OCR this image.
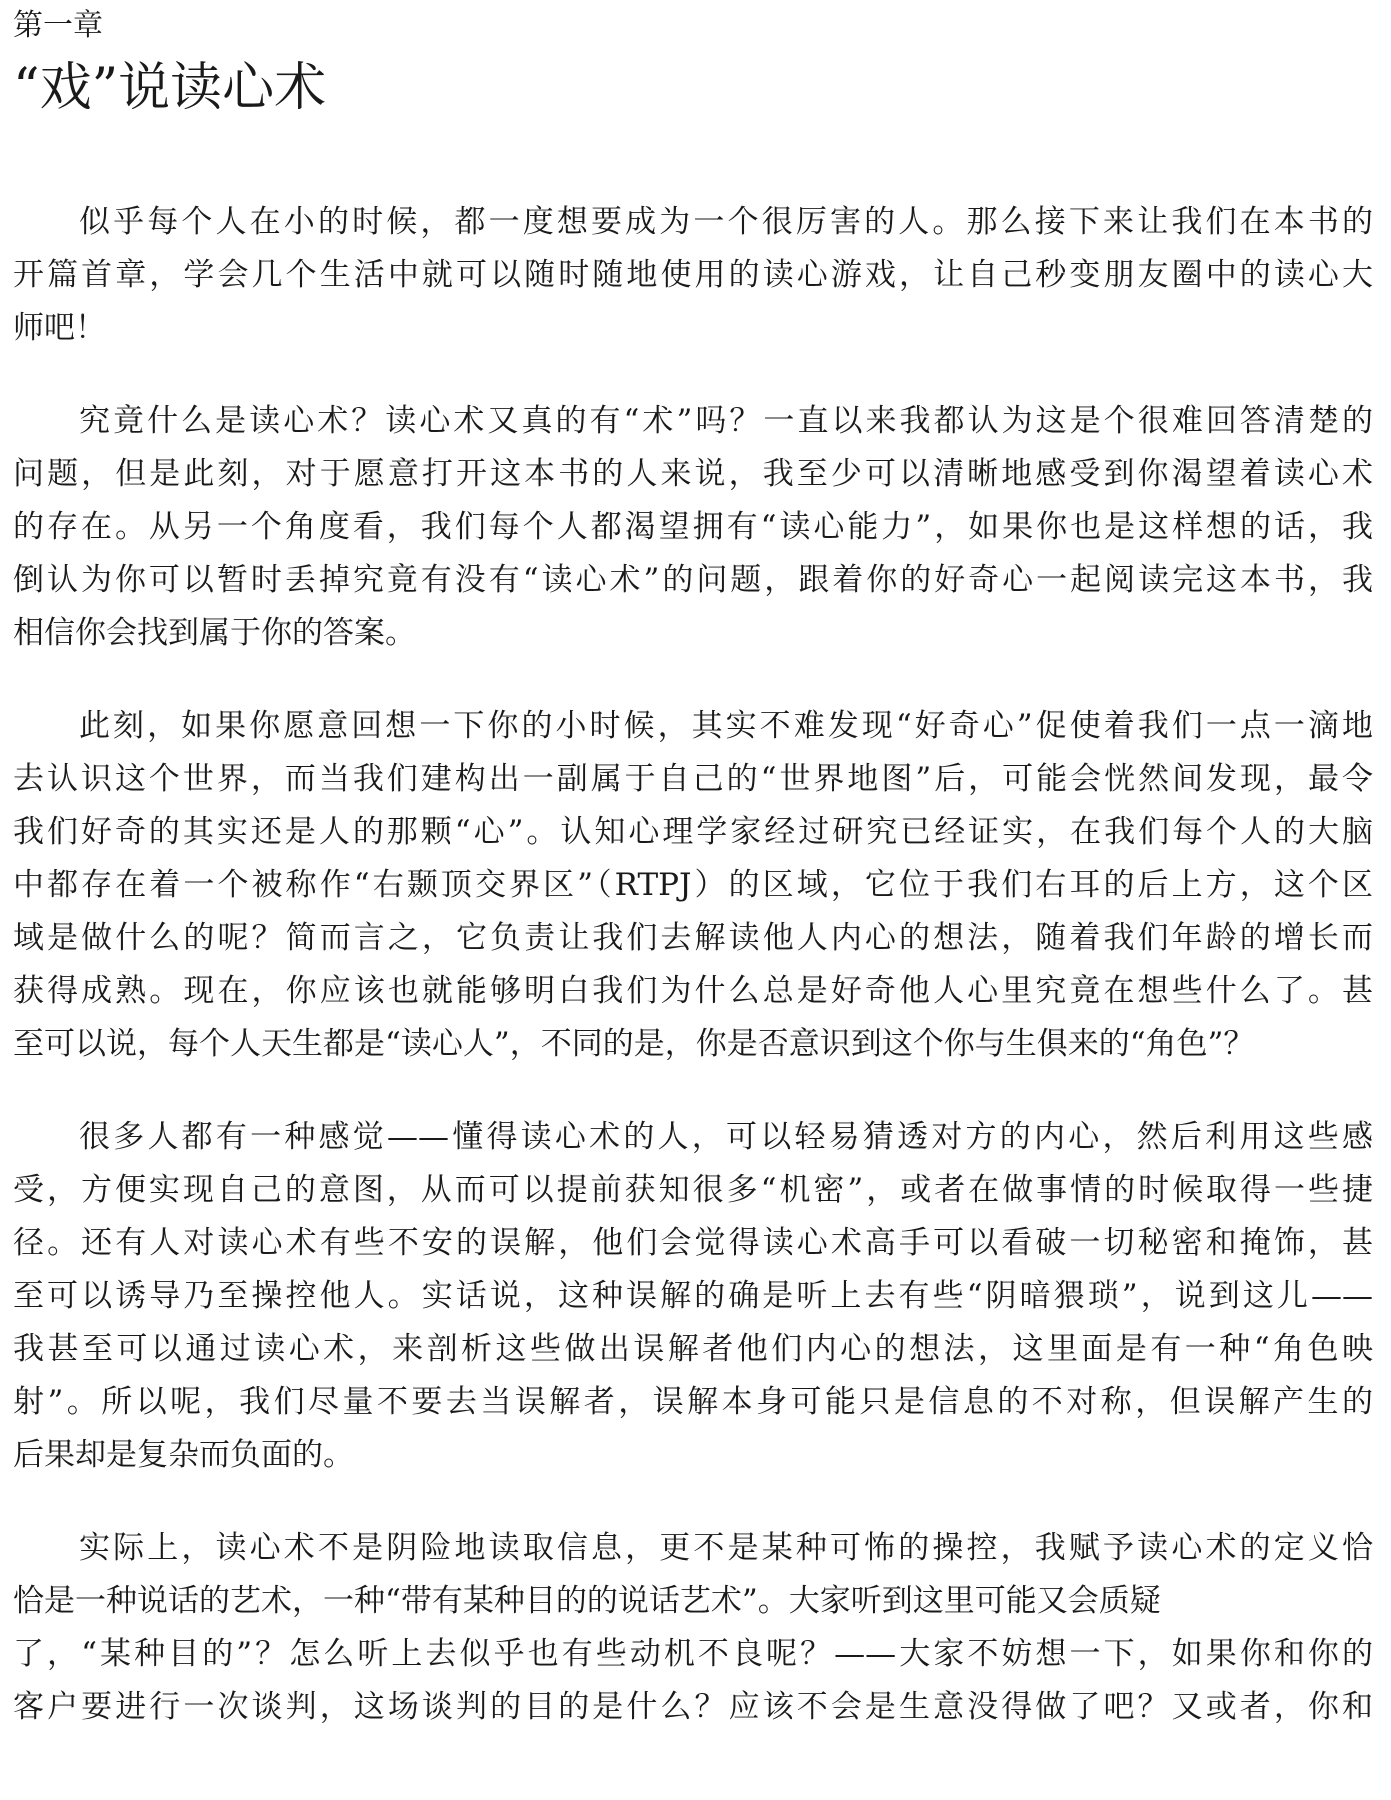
第一章
“戏”说读心术

似乎每个人在小的时候，都一度想要成为一个很厉害的人。那么接下来让我们在本书的
开篇首章，学会几个生活中就可以随时随地使用的读心游戏，让自己秒变朋友圈中的读心大
师吧！

究竟什么是读心术？读心术又真的有“术”吗？一直以来我都认为这是个很难回答清楚的
问题，但是此刻，对于愿意打开这本书的人来说，我至少可以清晰地感受到你渴望着读心术
的存在。从另一个角度看，我们每个人都渴望拥有“读心能力”，如果你也是这样想的话，我
倒认为你可以暂时丢掉究竟有没有“读心术”的问题，跟着你的好奇心一起阅读完这本书，我
相信你会找到属于你的答案。

此刻，如果你愿意回想一下你的小时候，其实不难发现“好奇心”促使着我们一点一滴地
去认识这个世界，而当我们建构出一副属于自己的“世界地图”后，可能会恍然间发现，最令
我们好奇的其实还是人的那颗“心”。认知心理学家经过研究已经证实，在我们每个人的大脑
中都存在着一个被称作“右颞顶交界区”（RTPJ）的区域，它位于我们右耳的后上方，这个区
域是做什么的呢？简而言之，它负责让我们去解读他人内心的想法，随着我们年龄的增长而
获得成熟。现在，你应该也就能够明白我们为什么总是好奇他人心里究竟在想些什么了。甚
至可以说，每个人天生都是“读心人”，不同的是，你是否意识到这个你与生俱来的“角色”？

很多人都有一种感觉——懂得读心术的人，可以轻易猜透对方的内心，然后利用这些感
受，方便实现自己的意图，从而可以提前获知很多“机密”，或者在做事情的时候取得一些捷
径。还有人对读心术有些不安的误解，他们会觉得读心术高手可以看破一切秘密和掩饰，甚
至可以诱导乃至操控他人。实话说，这种误解的确是听上去有些“阴暗猥琐”，说到这儿——
我甚至可以通过读心术，来剖析这些做出误解者他们内心的想法，这里面是有一种“角色映
射”。所以呢，我们尽量不要去当误解者，误解本身可能只是信息的不对称，但误解产生的
后果却是复杂而负面的。

实际上，读心术不是阴险地读取信息，更不是某种可怖的操控，我赋予读心术的定义恰
恰是一种说话的艺术，一种“带有某种目的的说话艺术”。大家听到这里可能又会质疑
了，“某种目的”？怎么听上去似乎也有些动机不良呢？——大家不妨想一下，如果你和你的
客户要进行一次谈判，这场谈判的目的是什么？应该不会是生意没得做了吧？又或者，你和
